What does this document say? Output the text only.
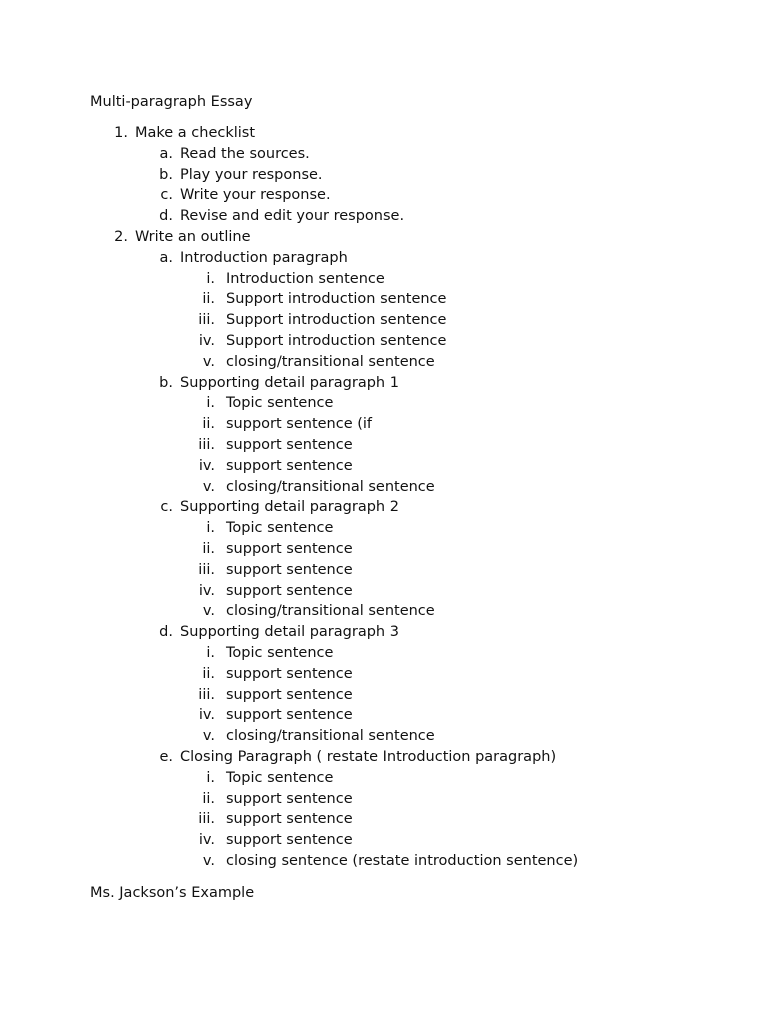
Multi-paragraph Essay
1. Make a checklist
a. Read the sources.
b. Play your response.
c. Write your response.
d. Revise and edit your response.
2. Write an outline
a. Introduction paragraph
i. Introduction sentence
ii. Support introduction sentence
iii. Support introduction sentence
iv. Support introduction sentence
v. closing/transitional sentence
b. Supporting detail paragraph 1
i. Topic sentence
ii. support sentence (if
iii. support sentence
iv. support sentence
v. closing/transitional sentence
c. Supporting detail paragraph 2
i. Topic sentence
ii. support sentence
iii. support sentence
iv. support sentence
v. closing/transitional sentence
d. Supporting detail paragraph 3
i. Topic sentence
ii. support sentence
iii. support sentence
iv. support sentence
v. closing/transitional sentence
e. Closing Paragraph ( restate Introduction paragraph)
i. Topic sentence
ii. support sentence
iii. support sentence
iv. support sentence
v. closing sentence (restate introduction sentence)
Ms. Jackson’s Example
